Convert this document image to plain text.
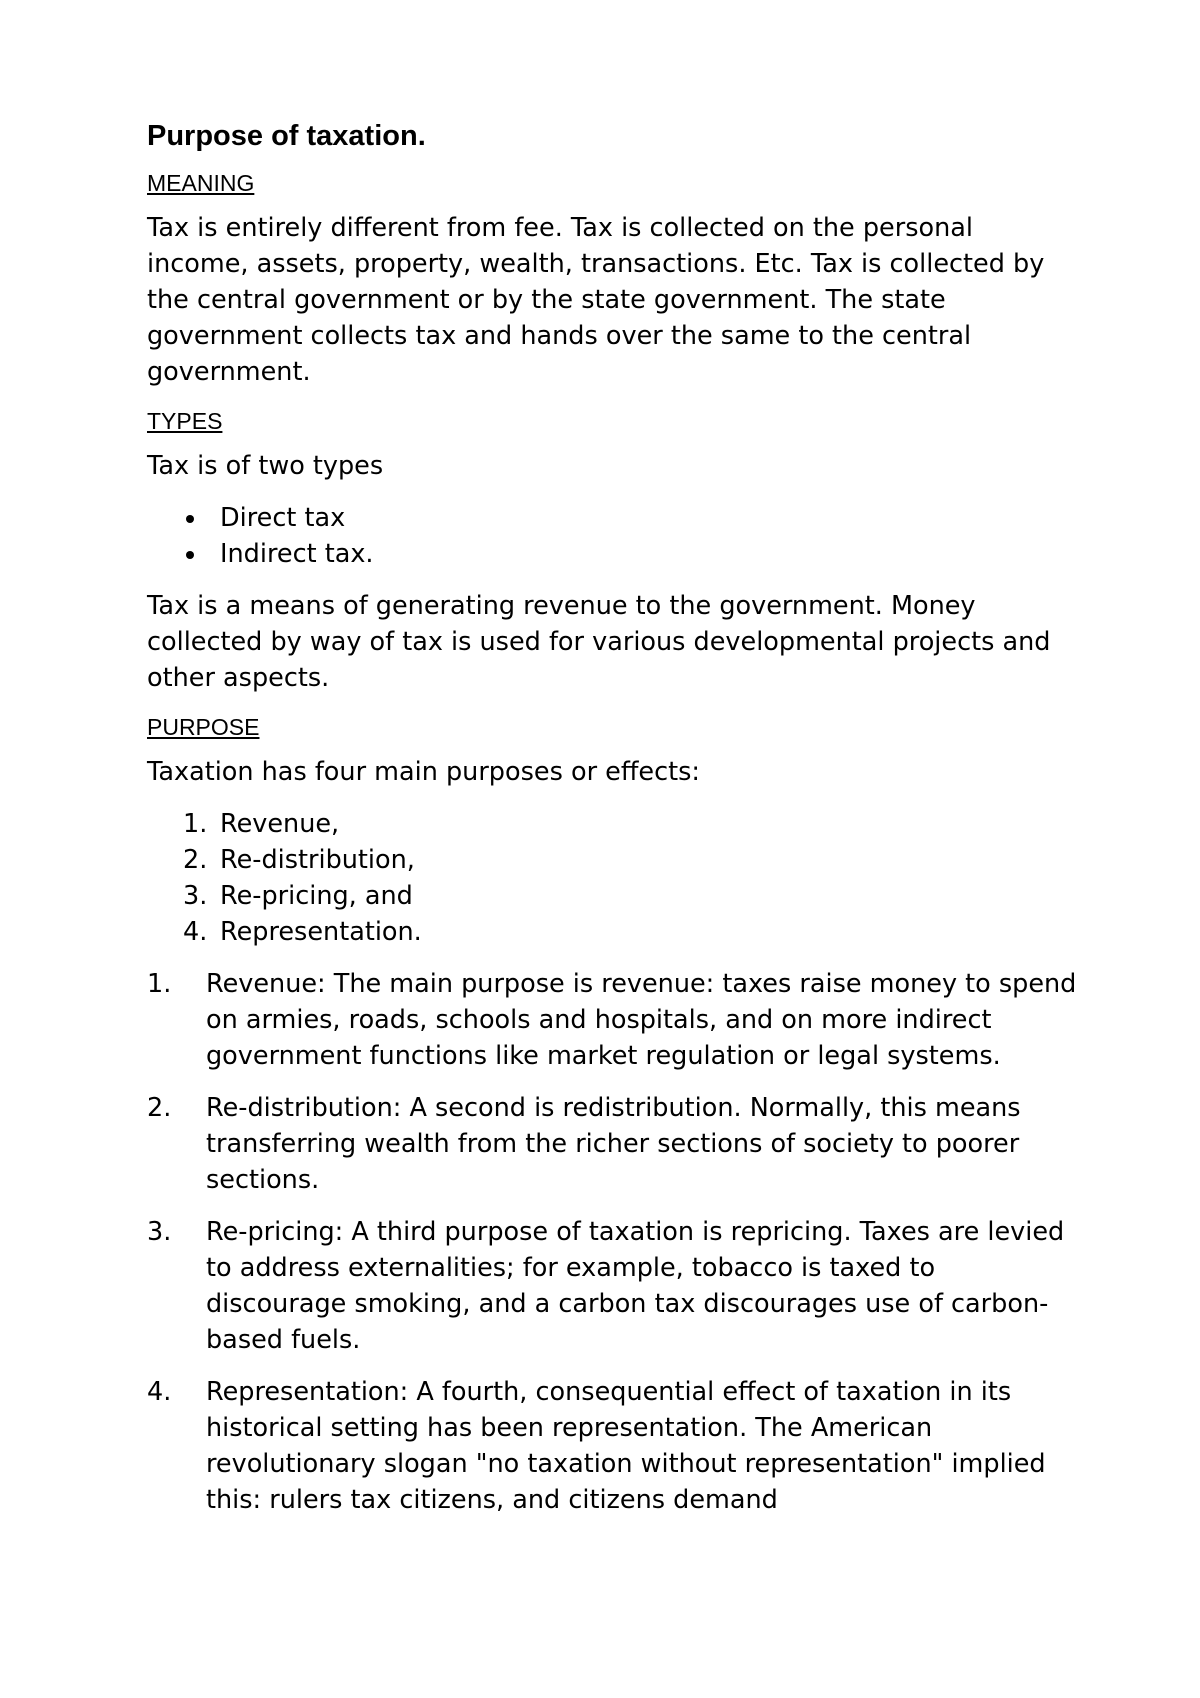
Purpose of taxation.
MEANING

Tax is entirely different from fee. Tax is collected on the personal income, assets, property, wealth, transactions. Etc. Tax is collected by the central government or by the state government. The state government collects tax and hands over the same to the central government.

TYPES

Tax is of two types

Direct tax
Indirect tax.

Tax is a means of generating revenue to the government. Money collected by way of tax is used for various developmental projects and other aspects.

PURPOSE

Taxation has four main purposes or effects:

1. Revenue,
2. Re-distribution,
3. Re-pricing, and
4. Representation.
1. Revenue: The main purpose is revenue: taxes raise money to spend on armies, roads, schools and hospitals, and on more indirect government functions like market regulation or legal systems.
2. Re-distribution: A second is redistribution. Normally, this means transferring wealth from the richer sections of society to poorer sections.
3. Re-pricing: A third purpose of taxation is repricing. Taxes are levied to address externalities; for example, tobacco is taxed to discourage smoking, and a carbon tax discourages use of carbon-based fuels.
4. Representation: A fourth, consequential effect of taxation in its historical setting has been representation. The American revolutionary slogan "no taxation without representation" implied this: rulers tax citizens, and citizens demand
